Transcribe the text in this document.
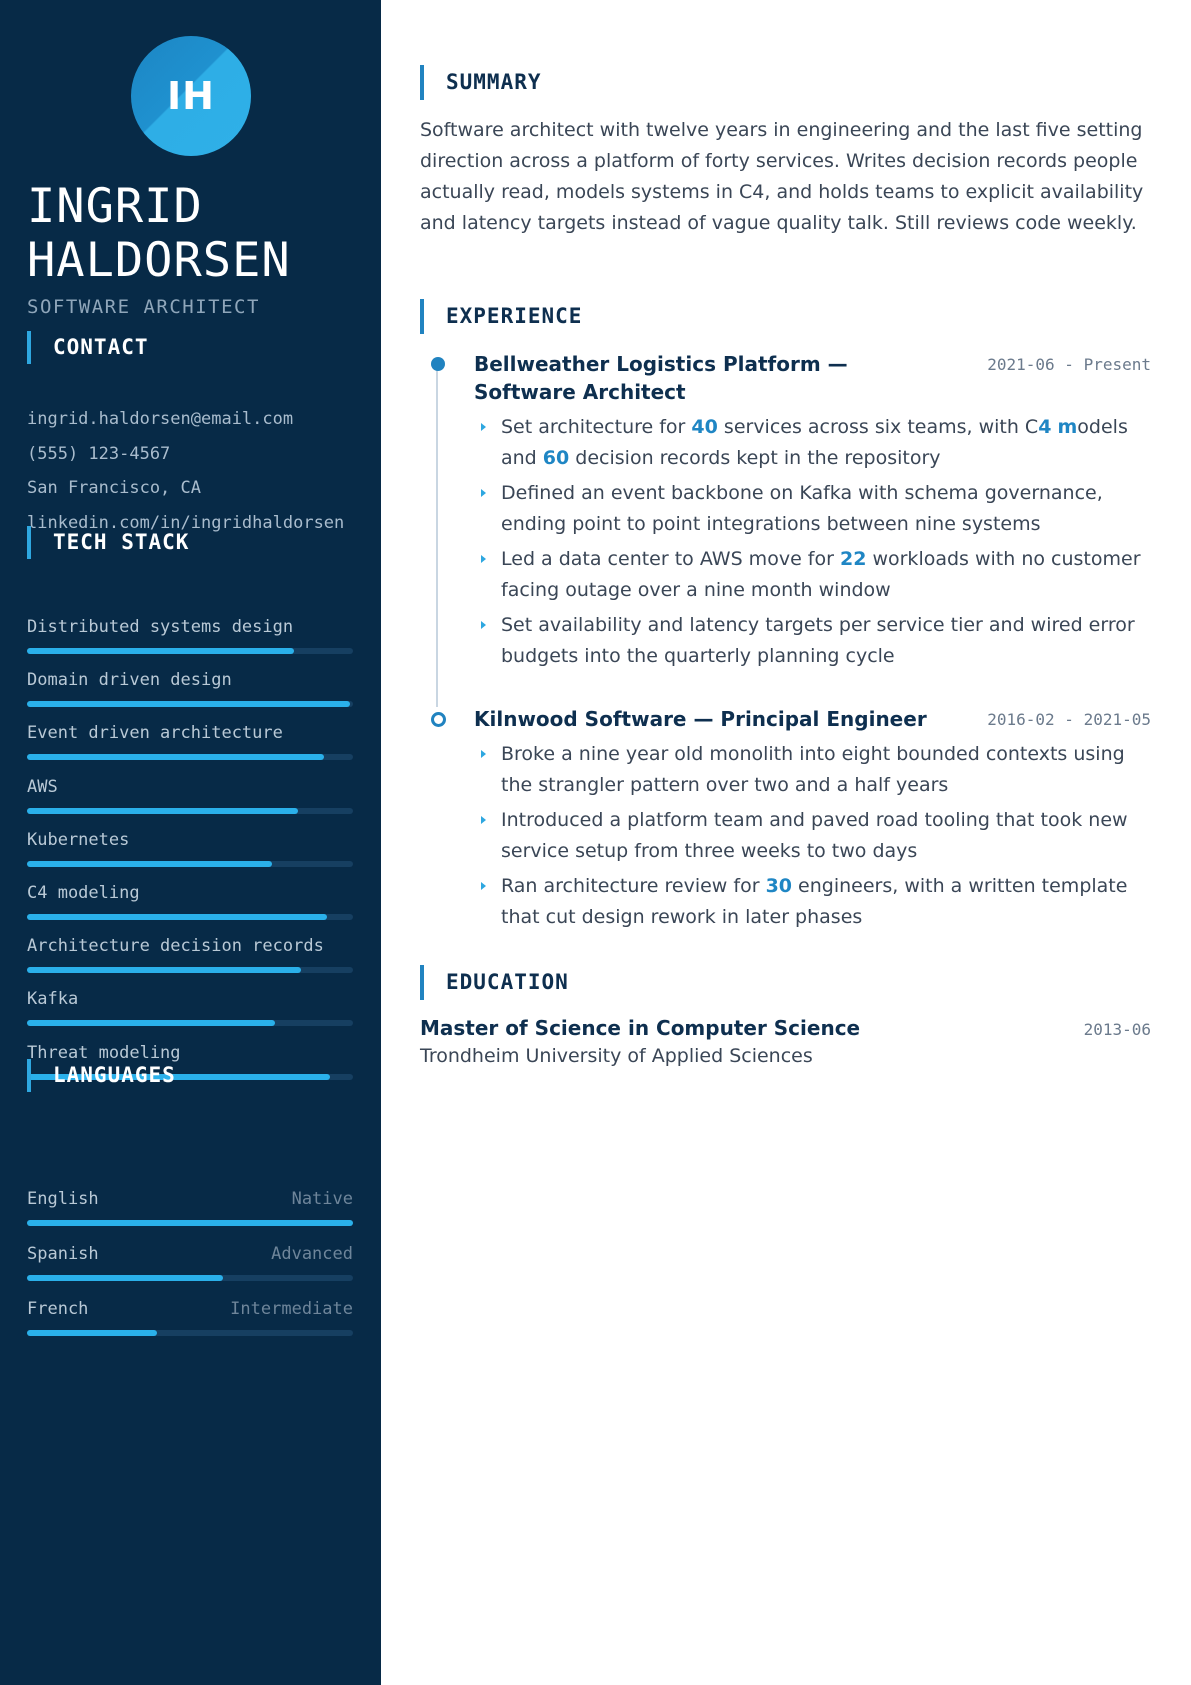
IH
INGRID
HALDORSEN
SOFTWARE ARCHITECT
CONTACT
ingrid.haldorsen@email.com
(555) 123-4567
San Francisco, CA
linkedin.com/in/ingridhaldorsen
TECH STACK
Distributed systems design
Domain driven design
Event driven architecture
AWS
Kubernetes
C4 modeling
Architecture decision records
Kafka
Threat modeling
LANGUAGES
English	Native
Spanish	Advanced
French	Intermediate
SUMMARY
Software architect with twelve years in engineering and the last five setting direction across a platform of forty services. Writes decision records people actually read, models systems in C4, and holds teams to explicit availability and latency targets instead of vague quality talk. Still reviews code weekly.
EXPERIENCE
Bellweather Logistics Platform — Software Architect
2021-06 - Present
Set architecture for 40 services across six teams, with C4 models and 60 decision records kept in the repository
Defined an event backbone on Kafka with schema governance, ending point to point integrations between nine systems
Led a data center to AWS move for 22 workloads with no customer facing outage over a nine month window
Set availability and latency targets per service tier and wired error budgets into the quarterly planning cycle
Kilnwood Software — Principal Engineer	2016-02 - 2021-05
Broke a nine year old monolith into eight bounded contexts using the strangler pattern over two and a half years
Introduced a platform team and paved road tooling that took new service setup from three weeks to two days
Ran architecture review for 30 engineers, with a written template that cut design rework in later phases
EDUCATION
Master of Science in Computer Science	2013-06
Trondheim University of Applied Sciences
